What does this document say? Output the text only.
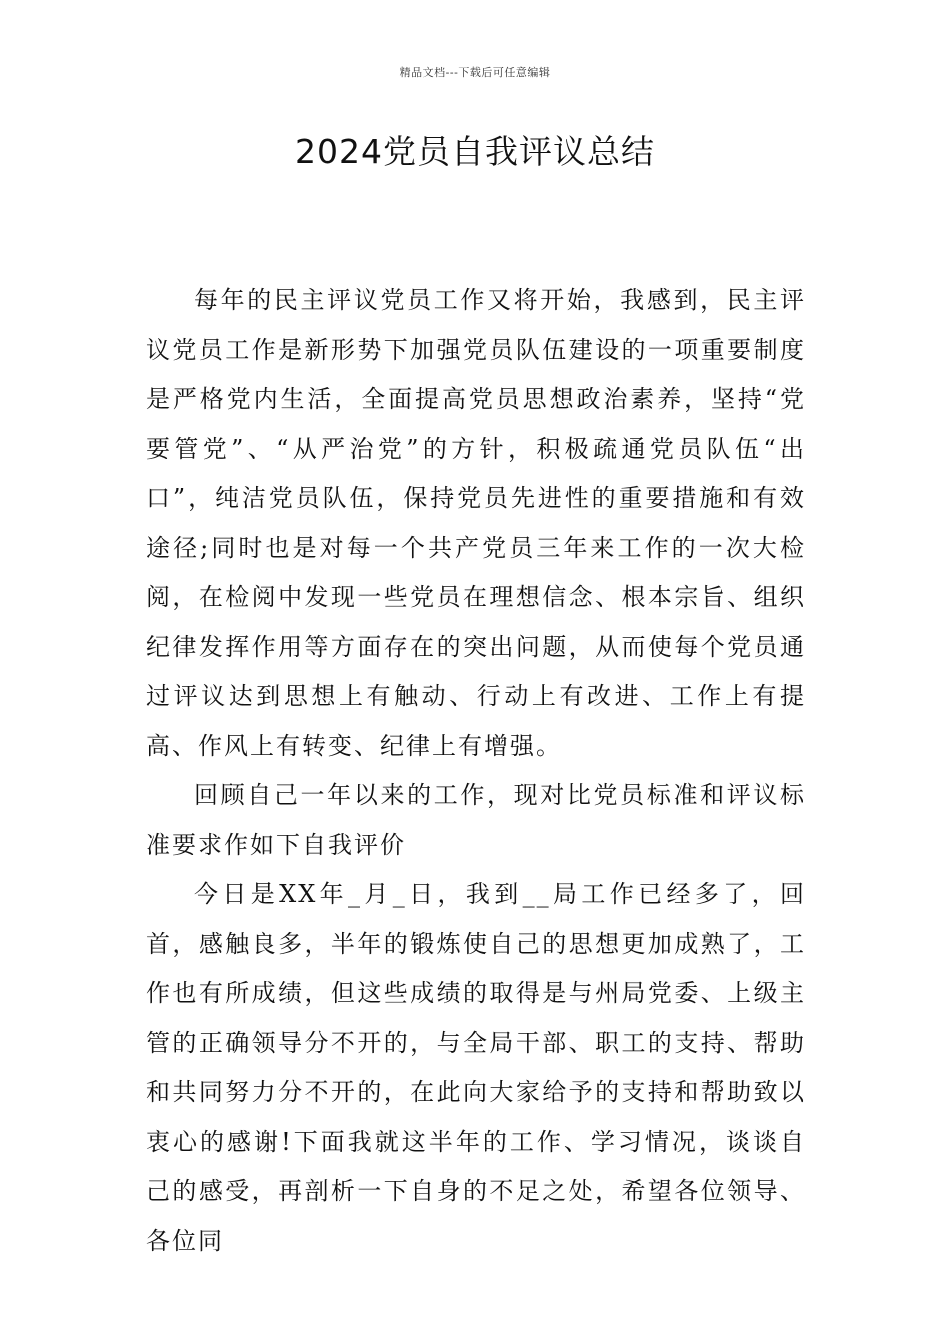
精品文档---下载后可任意编辑
2024党员自我评议总结

每年的民主评议党员工作又将开始，我感到，民主评议党员工作是新形势下加强党员队伍建设的一项重要制度是严格党内生活，全面提高党员思想政治素养，坚持“党要管党”、“从严治党”的方针，积极疏通党员队伍“出口”，纯洁党员队伍，保持党员先进性的重要措施和有效途径;同时也是对每一个共产党员三年来工作的一次大检阅，在检阅中发现一些党员在理想信念、根本宗旨、组织纪律发挥作用等方面存在的突出问题，从而使每个党员通过评议达到思想上有触动、行动上有改进、工作上有提高、作风上有转变、纪律上有增强。

回顾自己一年以来的工作，现对比党员标准和评议标准要求作如下自我评价

今日是XX年_月_日，我到__局工作已经多了，回首，感触良多，半年的锻炼使自己的思想更加成熟了，工作也有所成绩，但这些成绩的取得是与州局党委、上级主管的正确领导分不开的，与全局干部、职工的支持、帮助和共同努力分不开的，在此向大家给予的支持和帮助致以衷心的感谢!下面我就这半年的工作、学习情况，谈谈自己的感受，再剖析一下自身的不足之处，希望各位领导、各位同
